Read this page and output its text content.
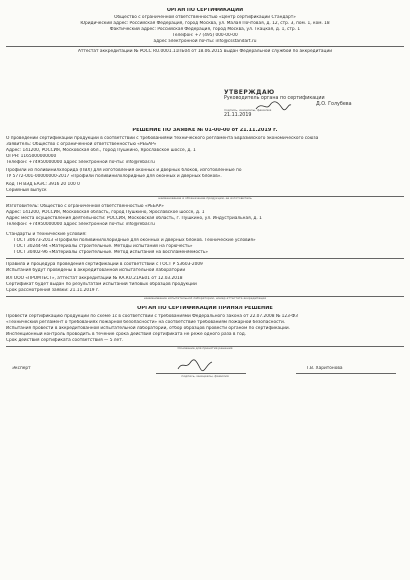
ОРГАН ПО СЕРТИФИКАЦИИ
Общество с ограниченной ответственностью «Центр сертификации Стандарт»
Юридический адрес: Российская Федерация, город Москва, ул. Малая Почтовая, д. 12, стр. 3, пом. 1, ком. 18
Фактический адрес: Российская Федерация, город Москва, ул. Ткацкая, д. 1, стр. 1
Телефон: +7 (495) 000-00-00
адрес электронной почты: info@csstandart.ru
Аттестат аккредитации № РОСС RU.0001.11ПБ04 от 18.06.2015 выдан Федеральной службой по аккредитации
УТВЕРЖДАЮ
Руководитель органа по сертификации
Д.О. Голубева
подпись, инициалы, фамилия
21.11.2019
РЕШЕНИЕ ПО ЗАЯВКЕ № 01-00-00 от 21.11.2019 г.
О проведении сертификации продукции в соответствии с требованиями технического регламента Евразийского экономического союза
Заявитель: Общество с ограниченной ответственностью «РЕБАР»
Адрес: 141200, РОССИЯ, Московская обл., город Пушкино, Ярославское шоссе, д. 1
ОГРН: 1165000000000
Телефон: +74950000000 адрес электронной почты: info@rebar.ru
Профили из поливинилхлорида (ПВХ) для изготовления оконных и дверных блоков, изготовленные по
ТУ 5772-001-00000000-2017 «Профили поливинилхлоридные для оконных и дверных блоков».
Код ТН ВЭД ЕАЭС: 3916 20 100 0
Серийный выпуск
наименование и обозначение продукции, ее изготовитель
Изготовитель: Общество с ограниченной ответственностью «РЕБАР»
Адрес: 141200, РОССИЯ, Московская область, город Пушкино, Ярославское шоссе, д. 1
Адрес места осуществления деятельности: РОССИЯ, Московская область, г. Пушкино, ул. Индустриальная, д. 1
Телефон: +74950000000 адрес электронной почты: info@rebar.ru
Стандарты и технические условия:
ГОСТ 30673-2013 «Профили поливинилхлоридные для оконных и дверных блоков. Технические условия»
ГОСТ 30244-94 «Материалы строительные. Методы испытаний на горючесть»
ГОСТ 30402-96 «Материалы строительные. Метод испытания на воспламеняемость»
Правила и процедура проведения сертификации в соответствии с ГОСТ Р 53603-2009
Испытания будут проведены в аккредитованной испытательной лаборатории
ИЛ ООО «ПРОМТЕСТ», аттестат аккредитации № RA.RU.21АБ01 от 12.03.2018
Сертификат будет выдан по результатам испытаний типовых образцов продукции
Срок рассмотрения заявки: 21.11.2019 г.
наименование испытательной лаборатории, номер аттестата аккредитации
ОРГАН ПО СЕРТИФИКАЦИИ ПРИНЯЛ РЕШЕНИЕ
Провести сертификацию продукции по схеме 1с в соответствии с требованиями Федерального закона от 22.07.2008 № 123-ФЗ
«Технический регламент о требованиях пожарной безопасности» на соответствие требованиям пожарной безопасности.
Испытания провести в аккредитованной испытательной лаборатории, отбор образцов провести органом по сертификации.
Инспекционный контроль проводить в течение срока действия сертификата не реже одного раза в год.
Срок действия сертификата соответствия — 5 лет.
Основание для принятия решения
Эксперт	Т.В. Харитонова
подпись, инициалы, фамилия
